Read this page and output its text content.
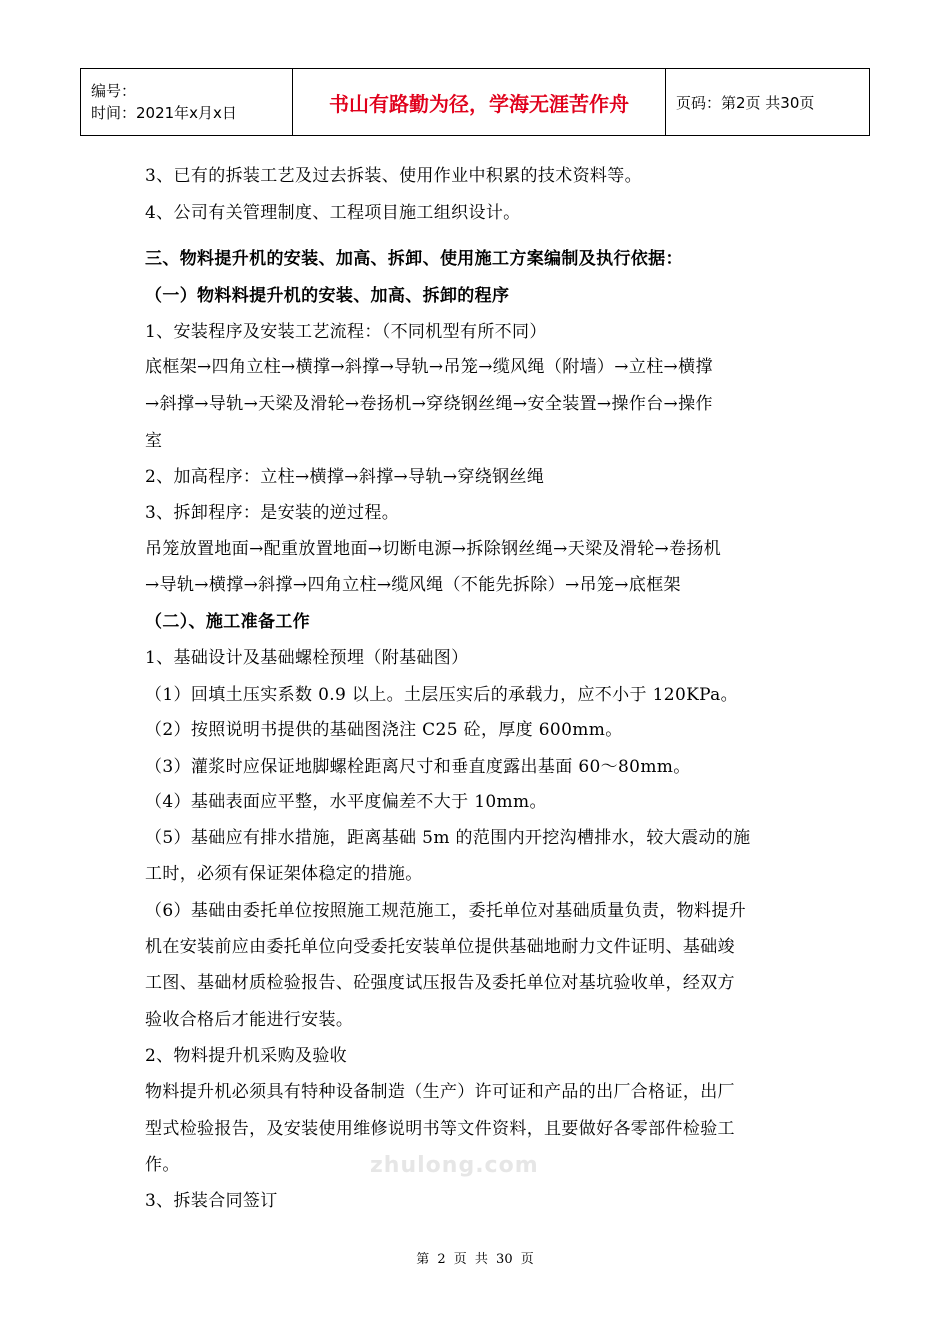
编号：
时间：2021年x月x日	书山有路勤为径，学海无涯苦作舟	页码：第2页 共30页
3、已有的拆装工艺及过去拆装、使用作业中积累的技术资料等。
4、公司有关管理制度、工程项目施工组织设计。
三、物料提升机的安装、加高、拆卸、使用施工方案编制及执行依据：
（一）物料料提升机的安装、加高、拆卸的程序
1、安装程序及安装工艺流程：（不同机型有所不同）
底框架→四角立柱→横撑→斜撑→导轨→吊笼→缆风绳（附墙）→立柱→横撑
→斜撑→导轨→天梁及滑轮→卷扬机→穿绕钢丝绳→安全装置→操作台→操作
室
2、加高程序：立柱→横撑→斜撑→导轨→穿绕钢丝绳
3、拆卸程序：是安装的逆过程。
吊笼放置地面→配重放置地面→切断电源→拆除钢丝绳→天梁及滑轮→卷扬机
→导轨→横撑→斜撑→四角立柱→缆风绳（不能先拆除）→吊笼→底框架
（二）、施工准备工作
1、基础设计及基础螺栓预埋（附基础图）
（1）回填土压实系数 0.9 以上。土层压实后的承载力，应不小于 120KPa。
（2）按照说明书提供的基础图浇注 C25 砼，厚度 600mm。
（3）灌浆时应保证地脚螺栓距离尺寸和垂直度露出基面 60～80mm。
（4）基础表面应平整，水平度偏差不大于 10mm。
（5）基础应有排水措施，距离基础 5m 的范围内开挖沟槽排水，较大震动的施
工时，必须有保证架体稳定的措施。
（6）基础由委托单位按照施工规范施工，委托单位对基础质量负责，物料提升
机在安装前应由委托单位向受委托安装单位提供基础地耐力文件证明、基础竣
工图、基础材质检验报告、砼强度试压报告及委托单位对基坑验收单，经双方
验收合格后才能进行安装。
2、物料提升机采购及验收
物料提升机必须具有特种设备制造（生产）许可证和产品的出厂合格证，出厂
型式检验报告，及安装使用维修说明书等文件资料，且要做好各零部件检验工
作。
3、拆装合同签订
zhulong.com
第 2 页 共 30 页
